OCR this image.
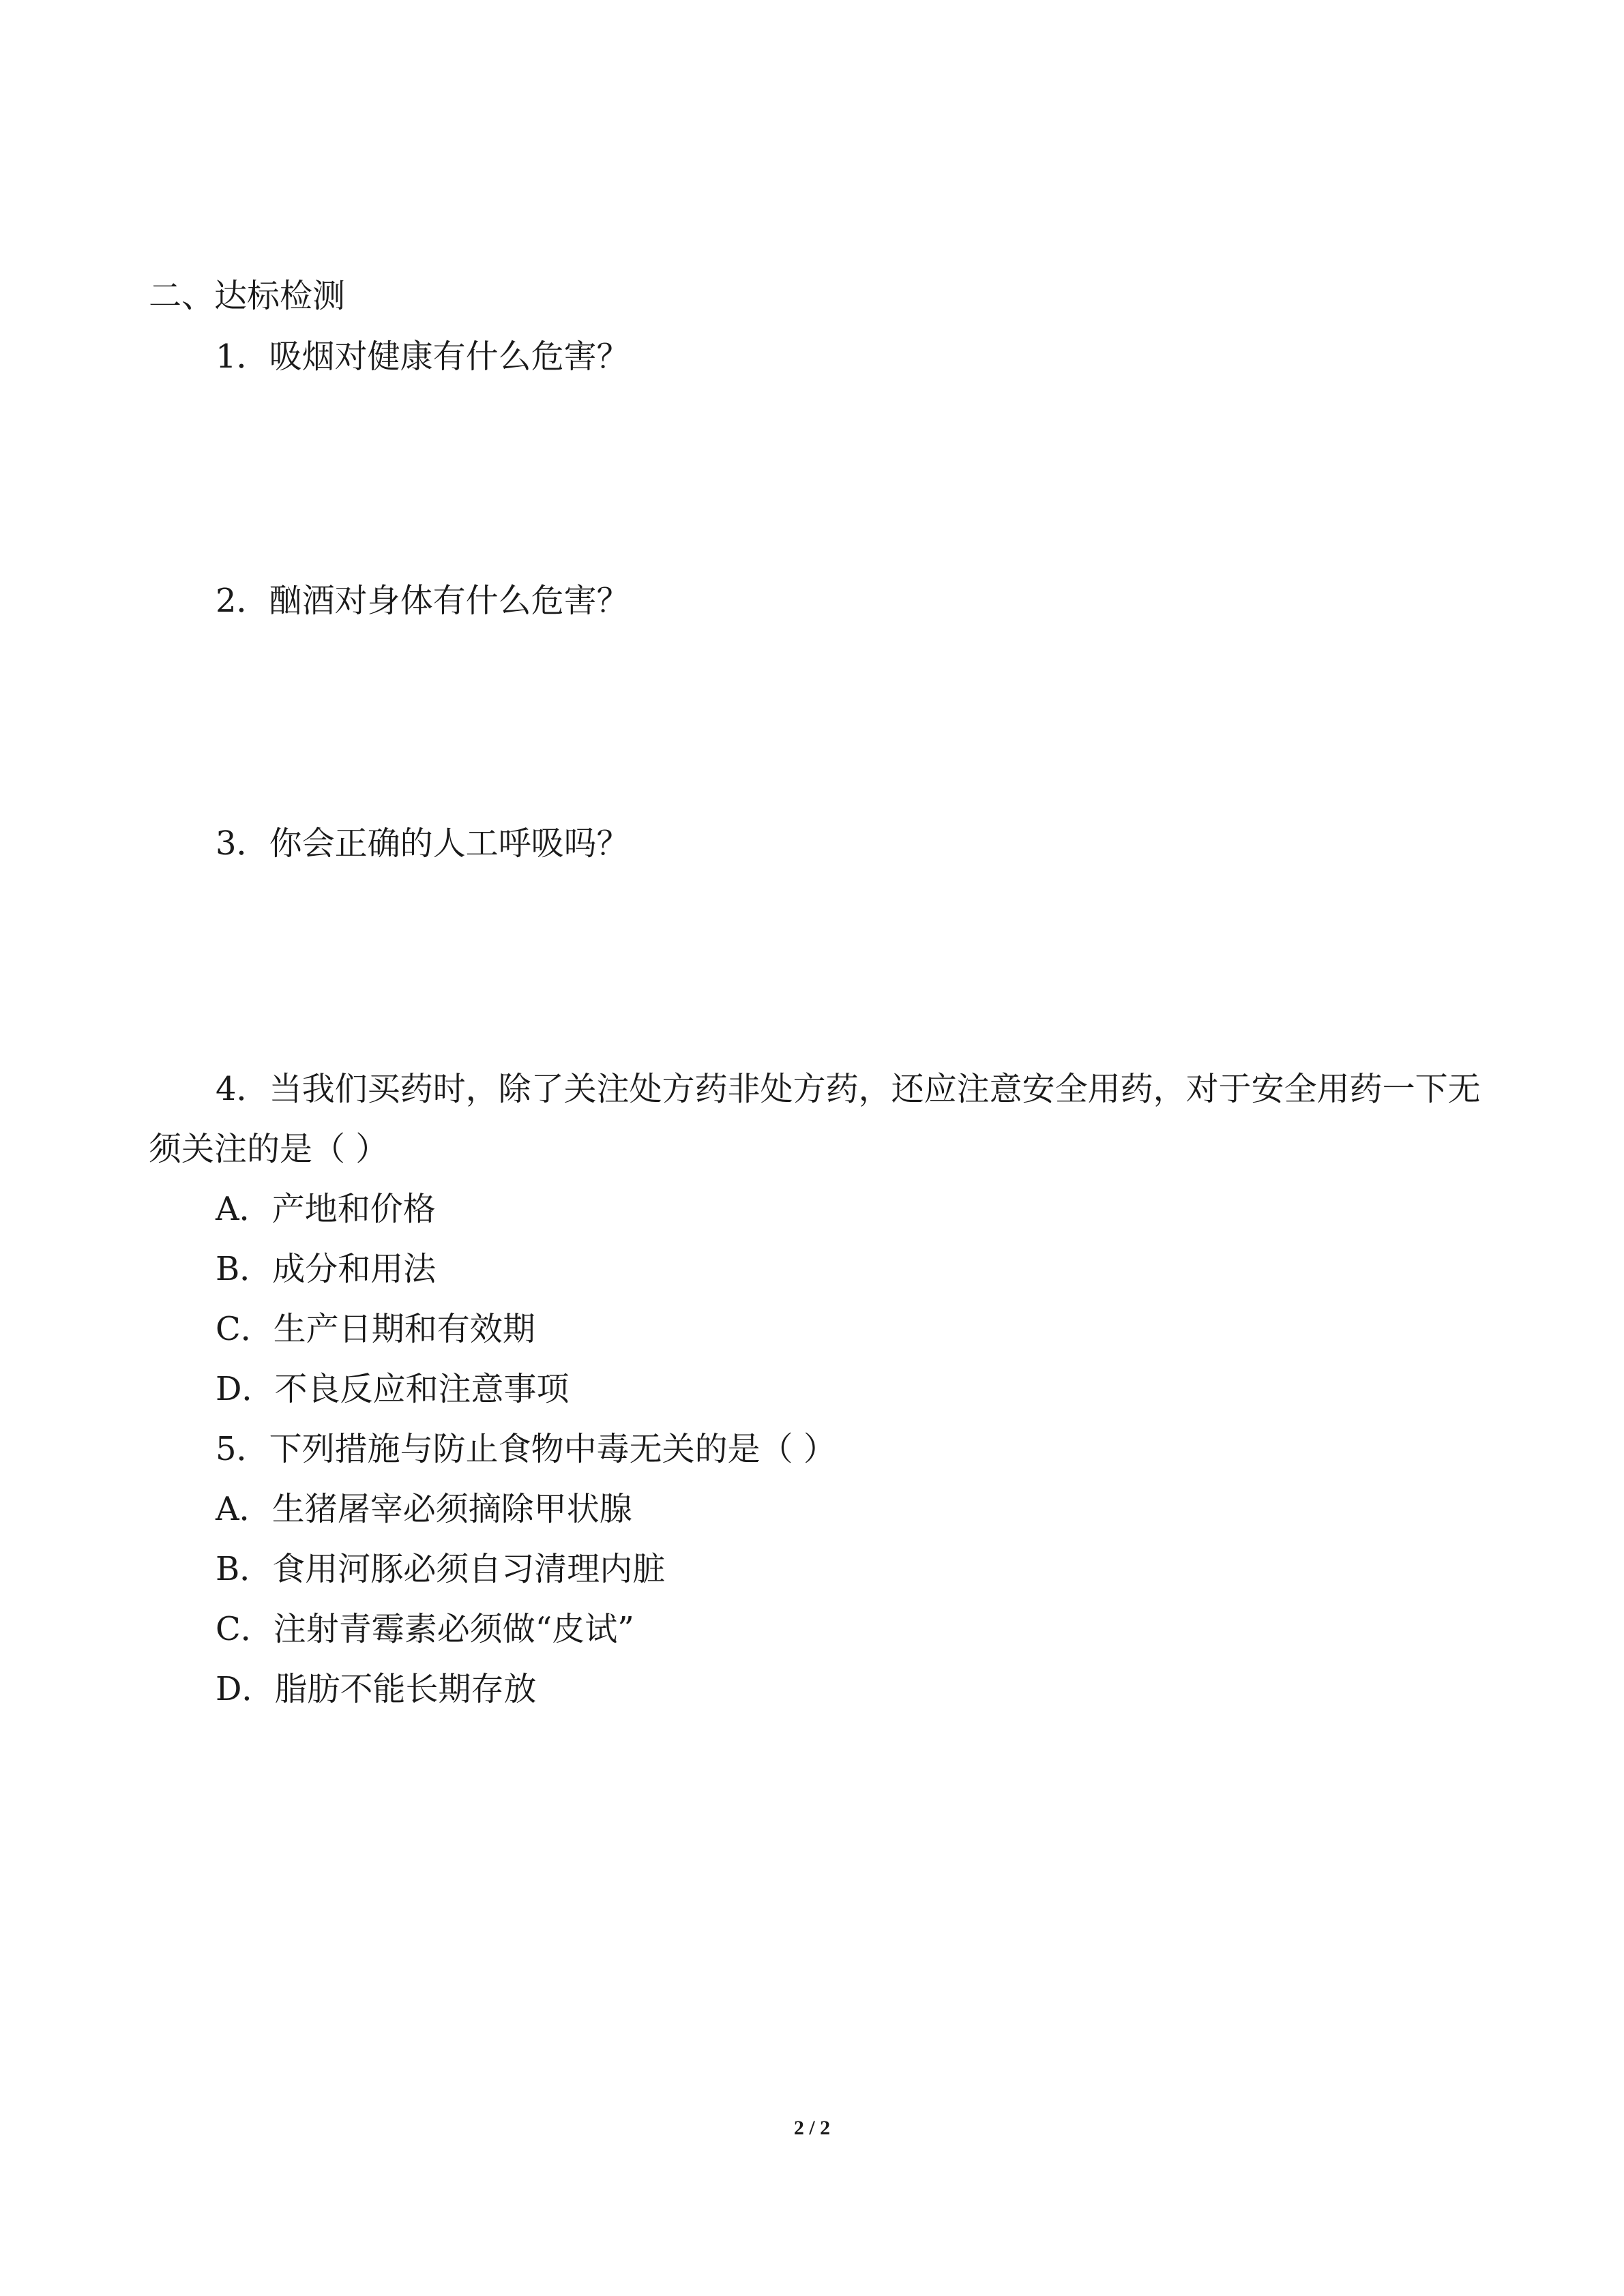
二、达标检测
1．吸烟对健康有什么危害？
2．酗酒对身体有什么危害？
3．你会正确的人工呼吸吗？
4．当我们买药时，除了关注处方药非处方药，还应注意安全用药，对于安全用药一下无
须关注的是（ ）
A．产地和价格
B．成分和用法
C．生产日期和有效期
D．不良反应和注意事项
5．下列措施与防止食物中毒无关的是（ ）
A．生猪屠宰必须摘除甲状腺
B．食用河豚必须自习清理内脏
C．注射青霉素必须做“皮试”
D．脂肪不能长期存放
2 / 2
